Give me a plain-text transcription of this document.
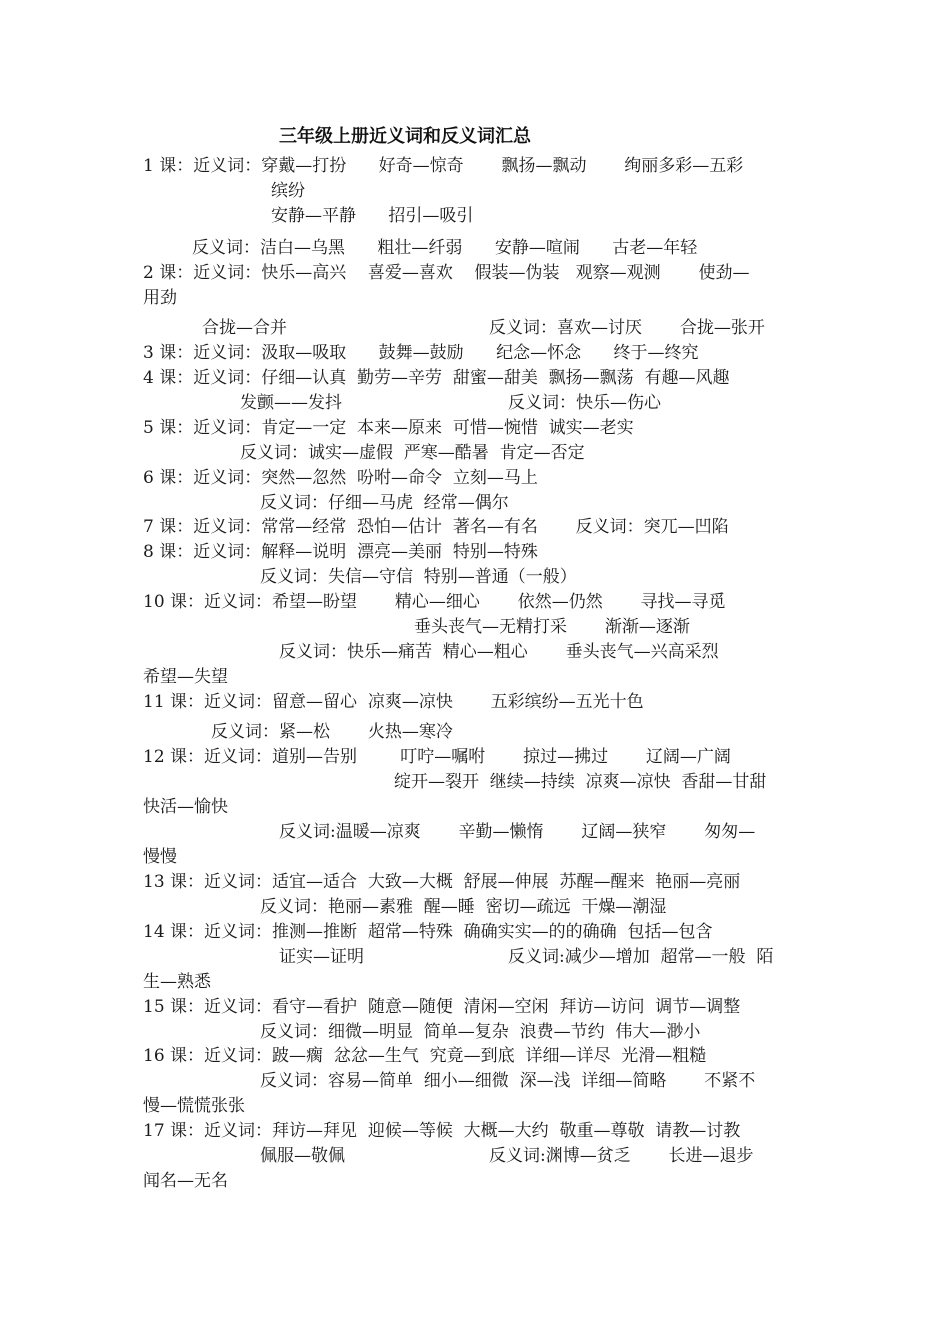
三年级上册近义词和反义词汇总
1 课：近义词：穿戴—打扮      好奇—惊奇       飘扬—飘动       绚丽多彩—五彩
缤纷
安静—平静      招引—吸引
反义词：洁白—乌黑      粗壮—纤弱      安静—喧闹      古老—年轻
2 课：近义词：快乐—高兴    喜爱—喜欢    假装—伪装   观察—观测       使劲—
用劲
合拢—合并	反义词：喜欢—讨厌       合拢—张开
3 课：近义词：汲取—吸取      鼓舞—鼓励      纪念—怀念      终于—终究
4 课：近义词：仔细—认真  勤劳—辛劳  甜蜜—甜美  飘扬—飘荡  有趣—风趣
发颤——发抖	反义词：快乐—伤心
5 课：近义词：肯定—一定  本来—原来  可惜—惋惜  诚实—老实
反义词：诚实—虚假  严寒—酷暑  肯定—否定
6 课：近义词：突然—忽然  吩咐—命令  立刻—马上
反义词：仔细—马虎  经常—偶尔
7 课：近义词：常常—经常  恐怕—估计  著名—有名       反义词：突兀—凹陷
8 课：近义词：解释—说明  漂亮—美丽  特别—特殊
反义词：失信—守信  特别—普通（一般）
10 课：近义词：希望—盼望       精心—细心       依然—仍然       寻找—寻觅
垂头丧气—无精打采       渐渐—逐渐
反义词：快乐—痛苦  精心—粗心       垂头丧气—兴高采烈
希望—失望
11 课：近义词：留意—留心  凉爽—凉快       五彩缤纷—五光十色
反义词：紧—松       火热—寒冷
12 课：近义词：道别—告别        叮咛—嘱咐       掠过—拂过       辽阔—广阔
绽开—裂开  继续—持续  凉爽—凉快  香甜—甘甜
快活—愉快
反义词:温暖—凉爽       辛勤—懒惰       辽阔—狭窄       匆匆—
慢慢
13 课：近义词：适宜—适合  大致—大概  舒展—伸展  苏醒—醒来  艳丽—亮丽
反义词：艳丽—素雅  醒—睡  密切—疏远  干燥—潮湿
14 课：近义词：推测—推断  超常—特殊  确确实实—的的确确  包括—包含
证实—证明	反义词:减少—增加  超常—一般  陌
生—熟悉
15 课：近义词：看守—看护  随意—随便  清闲—空闲  拜访—访问  调节—调整
反义词：细微—明显  简单—复杂  浪费—节约  伟大—渺小
16 课：近义词：跛—瘸  忿忿—生气  究竟—到底  详细—详尽  光滑—粗糙
反义词：容易—简单  细小—细微  深—浅  详细—简略       不紧不
慢—慌慌张张
17 课：近义词：拜访—拜见  迎候—等候  大概—大约  敬重—尊敬  请教—讨教
佩服—敬佩	反义词:渊博—贫乏       长进—退步
闻名—无名
